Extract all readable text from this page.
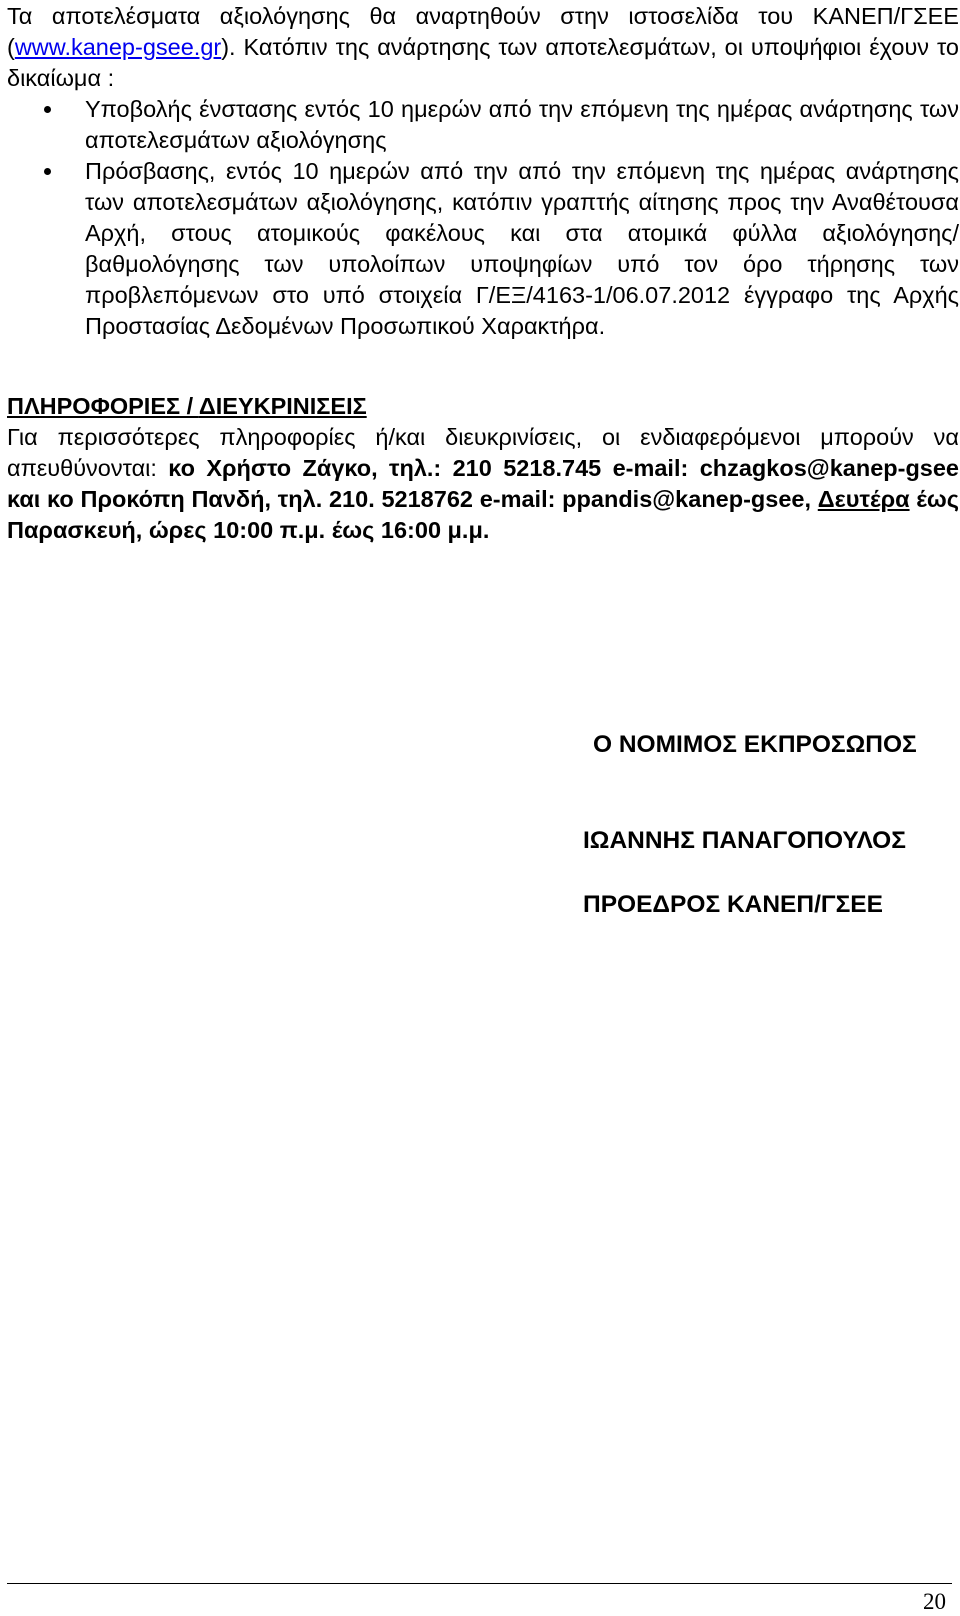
Τα αποτελέσματα αξιολόγησης θα αναρτηθούν στην ιστοσελίδα του ΚΑΝΕΠ/ΓΣΕΕ (www.kanep-gsee.gr). Κατόπιν της ανάρτησης των αποτελεσμάτων, οι υποψήφιοι έχουν το δικαίωμα :

Υποβολής ένστασης εντός 10 ημερών από την επόμενη της ημέρας ανάρτησης των αποτελεσμάτων αξιολόγησης
Πρόσβασης, εντός 10 ημερών από την από την επόμενη της ημέρας ανάρτησης των αποτελεσμάτων αξιολόγησης, κατόπιν γραπτής αίτησης προς την Αναθέτουσα Αρχή, στους ατομικούς φακέλους και στα ατομικά φύλλα αξιολόγησης/βαθμολόγησης των υπολοίπων υποψηφίων υπό τον όρο τήρησης των προβλεπόμενων στο υπό στοιχεία Γ/ΕΞ/4163-1/06.07.2012 έγγραφο της Αρχής Προστασίας Δεδομένων Προσωπικού Χαρακτήρα.

ΠΛΗΡΟΦΟΡΙΕΣ / ΔΙΕΥΚΡΙΝΙΣΕΙΣ

Για περισσότερες πληροφορίες ή/και διευκρινίσεις, οι ενδιαφερόμενοι μπορούν να απευθύνονται: κο Χρήστο Ζάγκο, τηλ.: 210 5218.745 e-mail: chzagkos@kanep-gsee και κο Προκόπη Πανδή, τηλ. 210. 5218762 e-mail: ppandis@kanep-gsee, Δευτέρα έως Παρασκευή, ώρες 10:00 π.μ. έως 16:00 μ.μ.

Ο ΝΟΜΙΜΟΣ ΕΚΠΡΟΣΩΠΟΣ
ΙΩΑΝΝΗΣ ΠΑΝΑΓΟΠΟΥΛΟΣ
ΠΡΟΕΔΡΟΣ ΚΑΝΕΠ/ΓΣΕΕ
20
